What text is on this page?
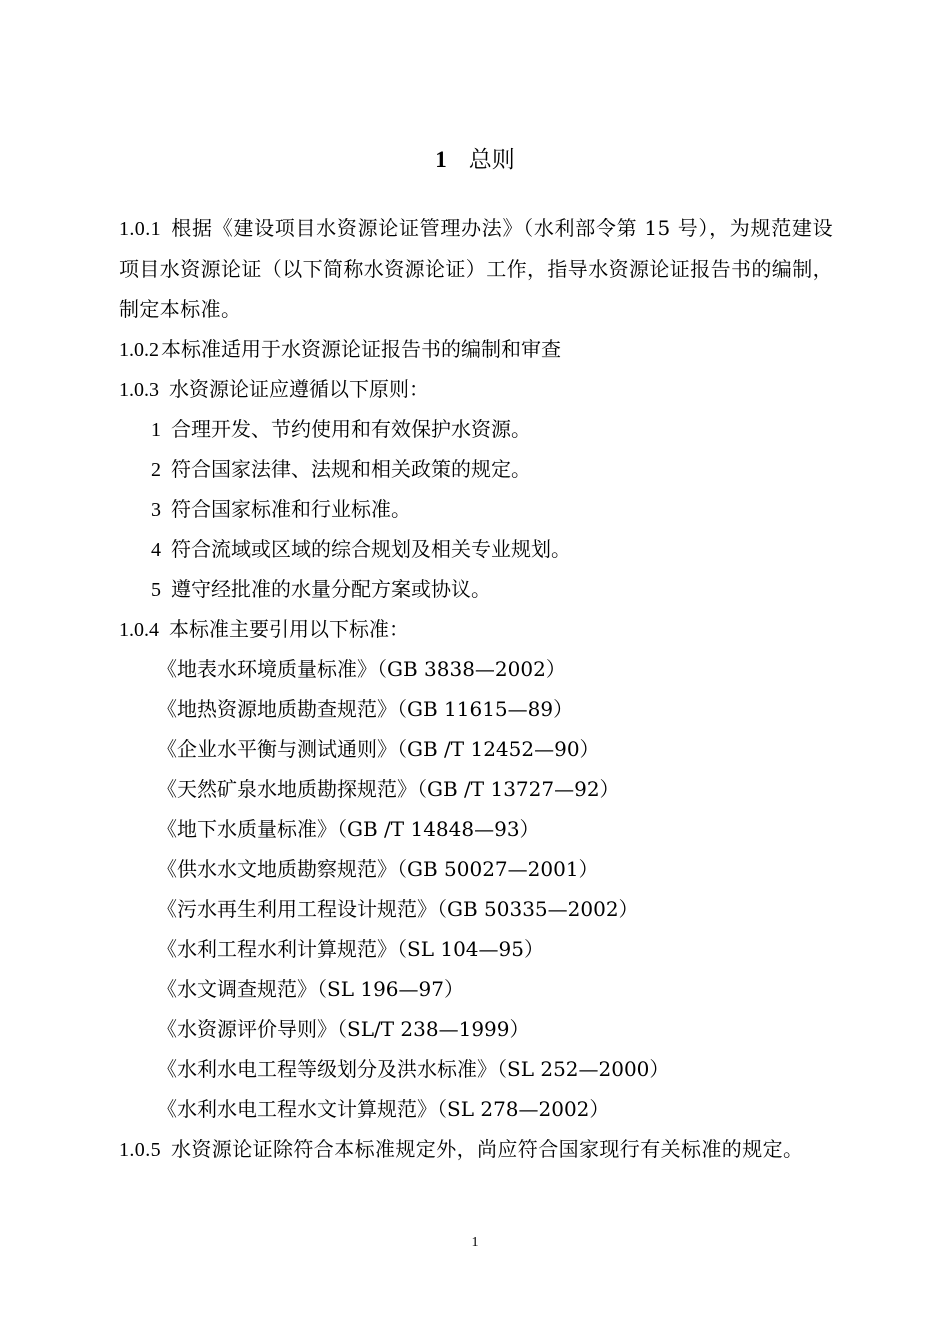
1 总则
1.0.1 根据《建设项目水资源论证管理办法》（水利部令第 15 号），为规范建设项目水资源论证（以下简称水资源论证）工作，指导水资源论证报告书的编制，制定本标准。
1.0.2 本标准适用于水资源论证报告书的编制和审查
1.0.3 水资源论证应遵循以下原则：
1 合理开发、节约使用和有效保护水资源。
2 符合国家法律、法规和相关政策的规定。
3 符合国家标准和行业标准。
4 符合流域或区域的综合规划及相关专业规划。
5 遵守经批准的水量分配方案或协议。
1.0.4 本标准主要引用以下标准：
《地表水环境质量标准》（GB 3838—2002）
《地热资源地质勘查规范》（GB 11615—89）
《企业水平衡与测试通则》（GB /T 12452—90）
《天然矿泉水地质勘探规范》（GB /T 13727—92）
《地下水质量标准》（GB /T 14848—93）
《供水水文地质勘察规范》（GB 50027—2001）
《污水再生利用工程设计规范》（GB 50335—2002）
《水利工程水利计算规范》（SL 104—95）
《水文调查规范》（SL 196—97）
《水资源评价导则》（SL/T 238—1999）
《水利水电工程等级划分及洪水标准》（SL 252—2000）
《水利水电工程水文计算规范》（SL 278—2002）
1.0.5 水资源论证除符合本标准规定外，尚应符合国家现行有关标准的规定。
1
